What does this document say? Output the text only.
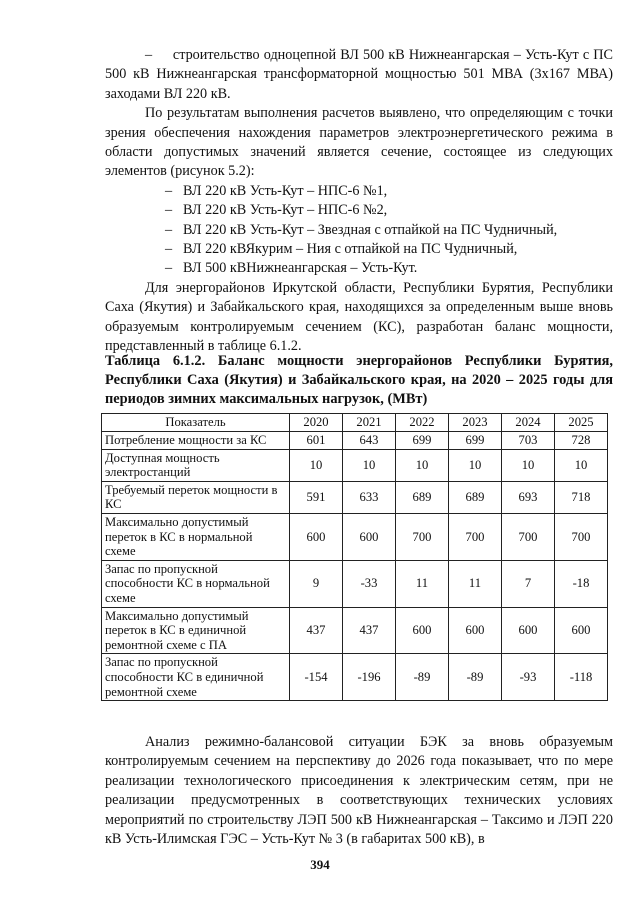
– строительство одноцепной ВЛ 500 кВ Нижнеангарская – Усть-Кут с ПС 500 кВ Нижнеангарская трансформаторной мощностью 501 МВА (3x167 МВА) заходами ВЛ 220 кВ.

По результатам выполнения расчетов выявлено, что определяющим с точки зрения обеспечения нахождения параметров электроэнергетического режима в области допустимых значений является сечение, состоящее из следующих элементов (рисунок 5.2):

– ВЛ 220 кВ Усть-Кут – НПС-6 №1,
– ВЛ 220 кВ Усть-Кут – НПС-6 №2,
– ВЛ 220 кВ Усть-Кут – Звездная с отпайкой на ПС Чудничный,
– ВЛ 220 кВЯкурим – Ния с отпайкой на ПС Чудничный,
– ВЛ 500 кВНижнеангарская – Усть-Кут.

Для энергорайонов Иркутской области, Республики Бурятия, Республики Саха (Якутия) и Забайкальского края, находящихся за определенным выше вновь образуемым контролируемым сечением (КС), разработан баланс мощности, представленный в таблице 6.1.2.

Таблица 6.1.2. Баланс мощности энергорайонов Республики Бурятия, Республики Саха (Якутия) и Забайкальского края, на 2020 – 2025 годы для периодов зимних максимальных нагрузок, (МВт)
Показатель	2020	2021	2022	2023	2024	2025
Потребление мощности за КС	601	643	699	699	703	728
Доступная мощность электростанций	10	10	10	10	10	10
Требуемый переток мощности в КС	591	633	689	689	693	718
Максимально допустимый переток в КС в нормальной схеме	600	600	700	700	700	700
Запас по пропускной способности КС в нормальной схеме	9	-33	11	11	7	-18
Максимально допустимый переток в КС в единичной ремонтной схеме с ПА	437	437	600	600	600	600
Запас по пропускной способности КС в единичной ремонтной схеме	-154	-196	-89	-89	-93	-118

Анализ режимно-балансовой ситуации БЭК за вновь образуемым контролируемым сечением на перспективу до 2026 года показывает, что по мере реализации технологического присоединения к электрическим сетям, при не реализации предусмотренных в соответствующих технических условиях мероприятий по строительству ЛЭП 500 кВ Нижнеангарская – Таксимо и ЛЭП 220 кВ Усть-Илимская ГЭС – Усть-Кут № 3 (в габаритах 500 кВ), в

394
